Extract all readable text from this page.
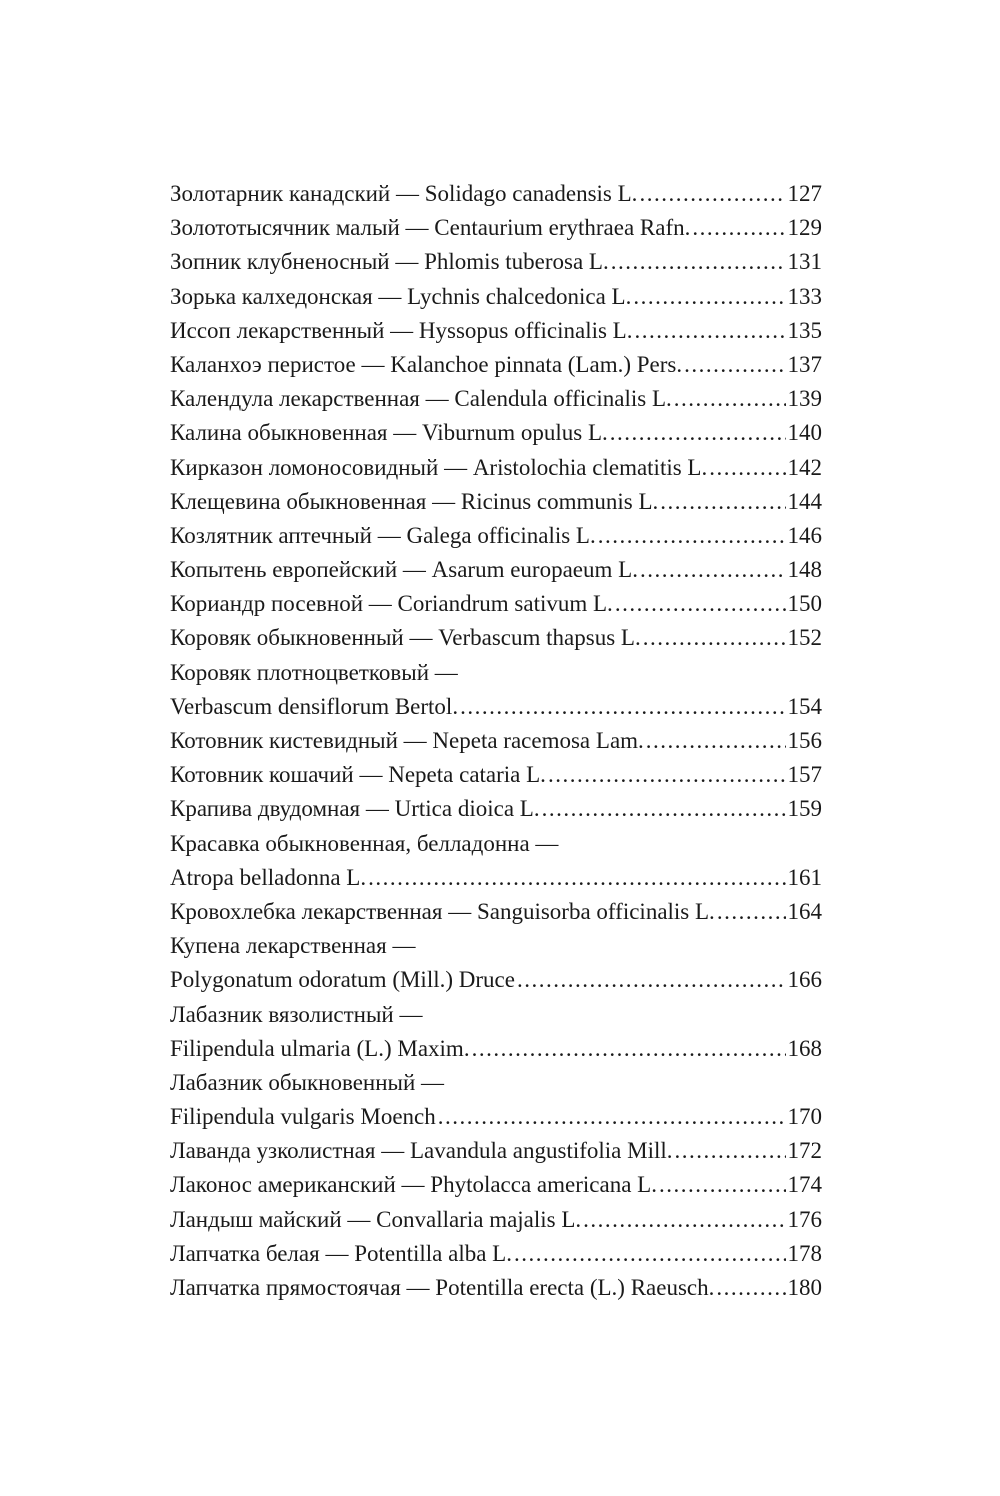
Золотарник канадский — Solidago canadensis L. .....	127
Золототысячник малый — Centaurium erythraea Rafn. .....	129
Зопник клубненосный — Phlomis tuberosa L. .....	131
Зорька калхедонская — Lychnis chalcedonica L. .....	133
Иссоп лекарственный — Hyssopus officinalis L. .....	135
Каланхоэ перистое — Kalanchoe pinnata (Lam.) Pers. .....	137
Календула лекарственная — Calendula officinalis L. .....	139
Калина обыкновенная — Viburnum opulus L. .....	140
Кирказон ломоносовидный — Aristolochia clematitis L. .....	142
Клещевина обыкновенная — Ricinus communis L. .....	144
Козлятник аптечный — Galega officinalis L. .....	146
Копытень европейский — Asarum europaeum L. .....	148
Кориандр посевной — Coriandrum sativum L. .....	150
Коровяк обыкновенный — Verbascum thapsus L. .....	152
Коровяк плотноцветковый —
Verbascum densiflorum Bertol. .....	154
Котовник кистевидный — Nepeta racemosa Lam. .....	156
Котовник кошачий — Nepeta cataria L. .....	157
Крапива двудомная — Urtica dioica L. .....	159
Красавка обыкновенная, белладонна —
Atropa belladonna L. .....	161
Кровохлебка лекарственная — Sanguisorba officinalis L. .....	164
Купена лекарственная —
Polygonatum odoratum (Mill.) Druce .....	166
Лабазник вязолистный —
Filipendula ulmaria (L.) Maxim. .....	168
Лабазник обыкновенный —
Filipendula vulgaris Moench .....	170
Лаванда узколистная — Lavandula angustifolia Mill. .....	172
Лаконос американский — Phytolacca americana L. .....	174
Ландыш майский — Convallaria majalis L. .....	176
Лапчатка белая — Potentilla alba L. .....	178
Лапчатка прямостоячая — Potentilla erecta (L.) Raeusch. .....	180
